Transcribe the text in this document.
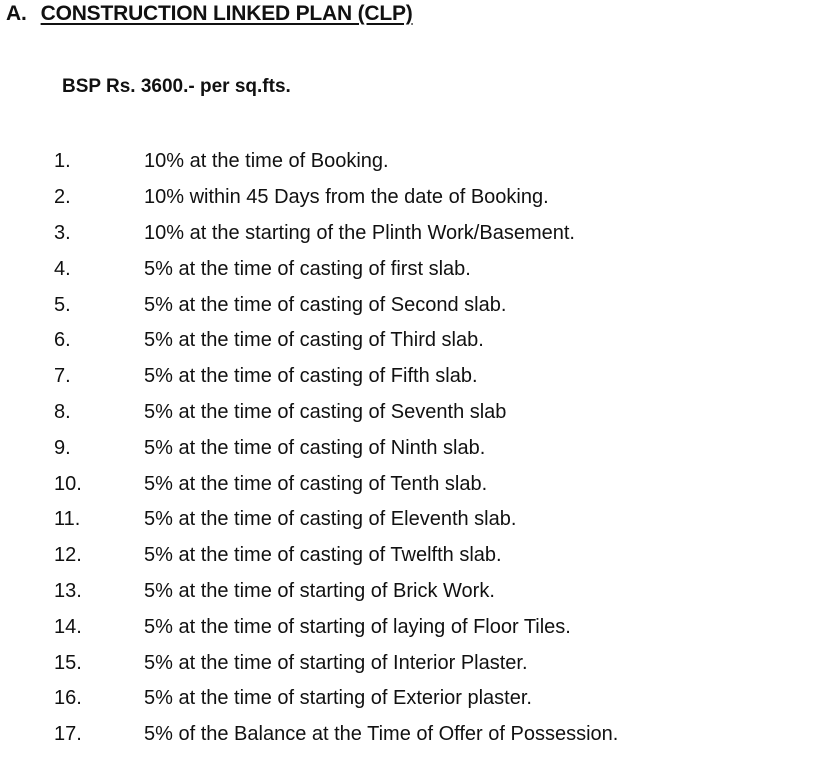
A. CONSTRUCTION LINKED PLAN (CLP)
BSP Rs. 3600.- per sq.fts.
1.	10% at the time of Booking.
2.	10% within 45 Days from the date of Booking.
3.	10% at the starting of the Plinth Work/Basement.
4.	5% at the time of casting of first slab.
5.	5% at the time of casting of Second slab.
6.	5% at the time of casting of Third slab.
7.	5% at the time of casting of Fifth slab.
8.	5% at the time of casting of Seventh slab
9.	5% at the time of casting of Ninth slab.
10.	5% at the time of casting of Tenth slab.
11.	5% at the time of casting of Eleventh slab.
12.	5% at the time of casting of Twelfth slab.
13.	5% at the time of starting of Brick Work.
14.	5% at the time of starting of laying of Floor Tiles.
15.	5% at the time of starting of Interior Plaster.
16.	5% at the time of starting of Exterior plaster.
17.	5% of the Balance at the Time of Offer of Possession.
